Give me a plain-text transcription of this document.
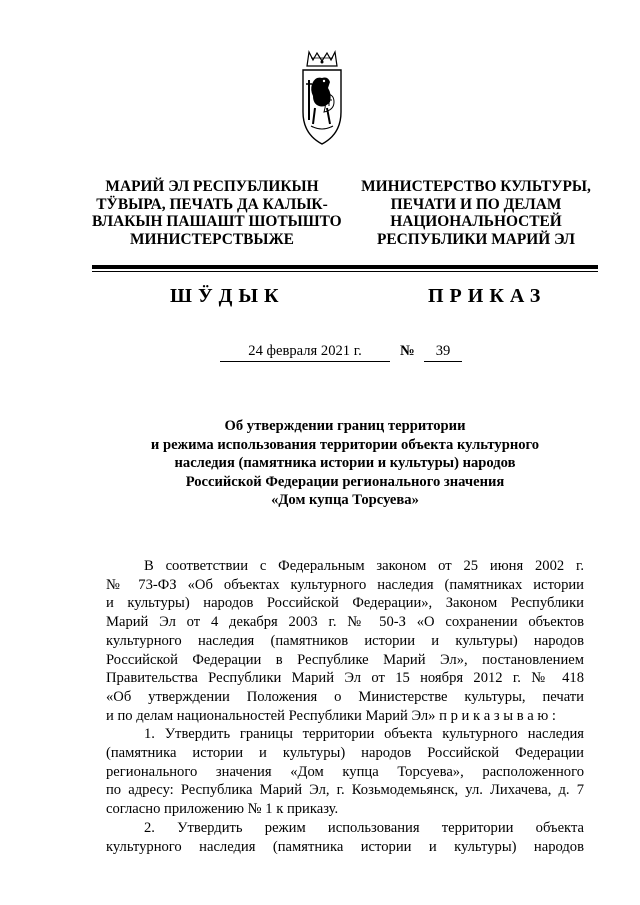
МАРИЙ ЭЛ РЕСПУБЛИКЫН
ТӰВЫРА, ПЕЧАТЬ ДА КАЛЫК-
ВЛАКЫН ПАШАШТ ШОТЫШТО
МИНИСТЕРСТВЫЖЕ
МИНИСТЕРСТВО КУЛЬТУРЫ,
ПЕЧАТИ И ПО ДЕЛАМ
НАЦИОНАЛЬНОСТЕЙ
РЕСПУБЛИКИ МАРИЙ ЭЛ
ШӰДЫК	ПРИКАЗ
24 февраля 2021 г.	№	39
Об утверждении границ территории
и режима использования территории объекта культурного
наследия (памятника истории и культуры) народов
Российской Федерации регионального значения
«Дом купца Торсуева»
В соответствии с Федеральным законом от 25 июня 2002 г.
№ 73-ФЗ «Об объектах культурного наследия (памятниках истории
и культуры) народов Российской Федерации», Законом Республики
Марий Эл от 4 декабря 2003 г. № 50-З «О сохранении объектов
культурного наследия (памятников истории и культуры) народов
Российской Федерации в Республике Марий Эл», постановлением
Правительства Республики Марий Эл от 15 ноября 2012 г. № 418
«Об утверждении Положения о Министерстве культуры, печати
и по делам национальностей Республики Марий Эл» п р и к а з ы в а ю :
1. Утвердить границы территории объекта культурного наследия
(памятника истории и культуры) народов Российской Федерации
регионального значения «Дом купца Торсуева», расположенного
по адресу: Республика Марий Эл, г. Козьмодемьянск, ул. Лихачева, д. 7
согласно приложению № 1 к приказу.
2. Утвердить режим использования территории объекта
культурного наследия (памятника истории и культуры) народов
